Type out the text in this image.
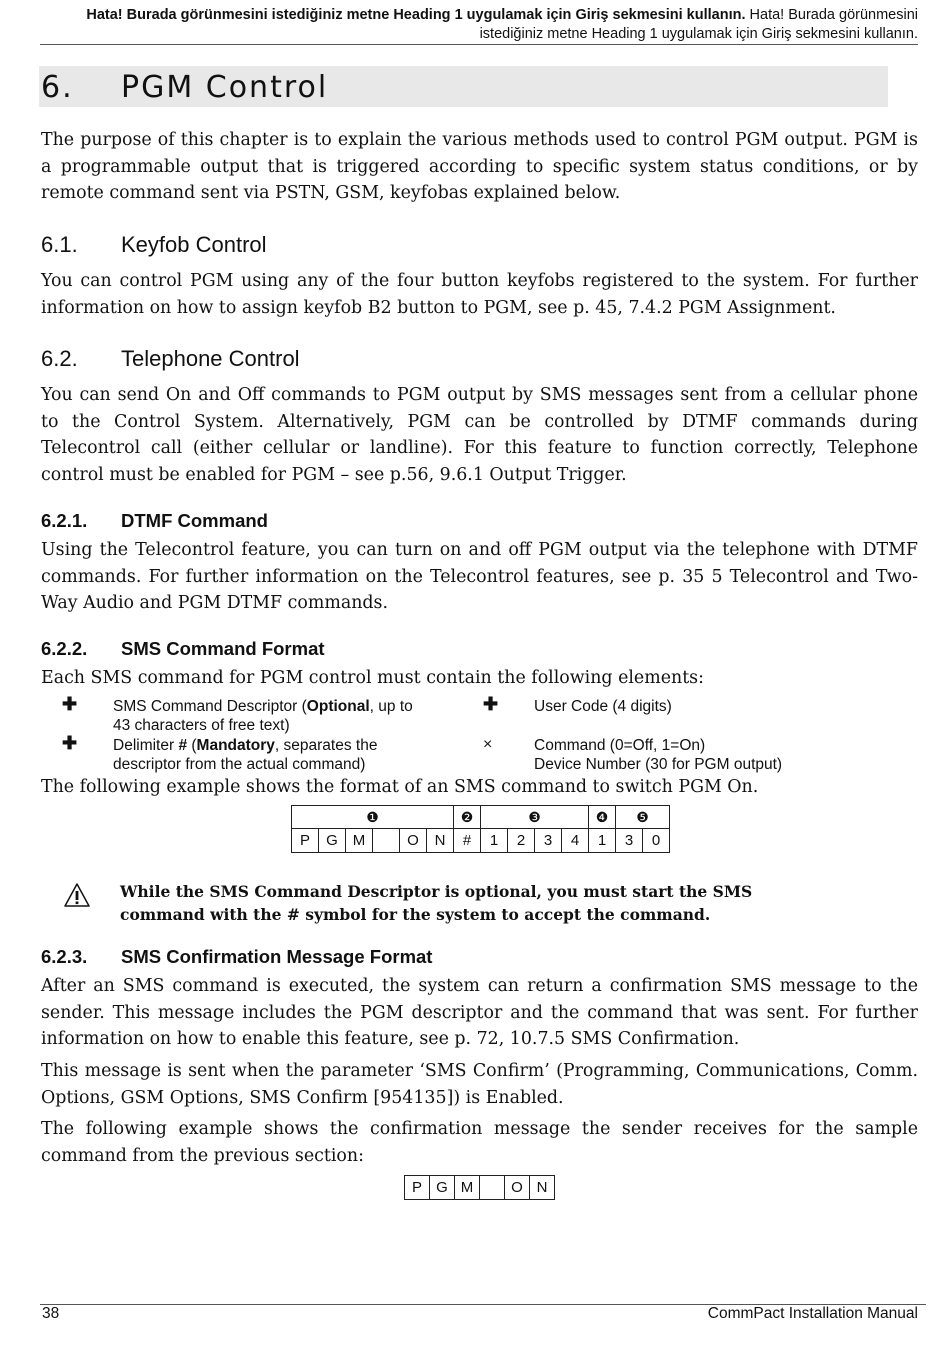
Hata! Burada görünmesini istediğiniz metne Heading 1 uygulamak için Giriş sekmesini kullanın. Hata! Burada görünmesini istediğiniz metne Heading 1 uygulamak için Giriş sekmesini kullanın.
6. PGM Control
The purpose of this chapter is to explain the various methods used to control PGM output. PGM is a programmable output that is triggered according to specific system status conditions, or by remote command sent via PSTN, GSM, keyfobas explained below.
6.1. Keyfob Control
You can control PGM using any of the four button keyfobs registered to the system. For further information on how to assign keyfob B2 button to PGM, see p. 45, 7.4.2 PGM Assignment.
6.2. Telephone Control
You can send On and Off commands to PGM output by SMS messages sent from a cellular phone to the Control System. Alternatively, PGM can be controlled by DTMF commands during Telecontrol call (either cellular or landline). For this feature to function correctly, Telephone control must be enabled for PGM – see p.56, 9.6.1 Output Trigger.
6.2.1. DTMF Command
Using the Telecontrol feature, you can turn on and off PGM output via the telephone with DTMF commands. For further information on the Telecontrol features, see p. 35 5 Telecontrol and Two-Way Audio and PGM DTMF commands.
6.2.2. SMS Command Format
Each SMS command for PGM control must contain the following elements:
✚ SMS Command Descriptor (Optional, up to
43 characters of free text)
✚ User Code (4 digits)
✚ Delimiter # (Mandatory, separates the
descriptor from the actual command)
×	Command (0=Off, 1=On)
Device Number (30 for PGM output)
The following example shows the format of an SMS command to switch PGM On.
❶						❷	❸				❹	❺	
P	G	M		O	N	#	1	2	3	4	1	3	0
While the SMS Command Descriptor is optional, you must start the SMS command with the # symbol for the system to accept the command.
6.2.3. SMS Confirmation Message Format
After an SMS command is executed, the system can return a confirmation SMS message to the sender. This message includes the PGM descriptor and the command that was sent. For further information on how to enable this feature, see p. 72, 10.7.5 SMS Confirmation.
This message is sent when the parameter ‘SMS Confirm’ (Programming, Communications, Comm. Options, GSM Options, SMS Confirm [954135]) is Enabled.
The following example shows the confirmation message the sender receives for the sample command from the previous section:
P	G	M		O	N
38	CommPact Installation Manual
